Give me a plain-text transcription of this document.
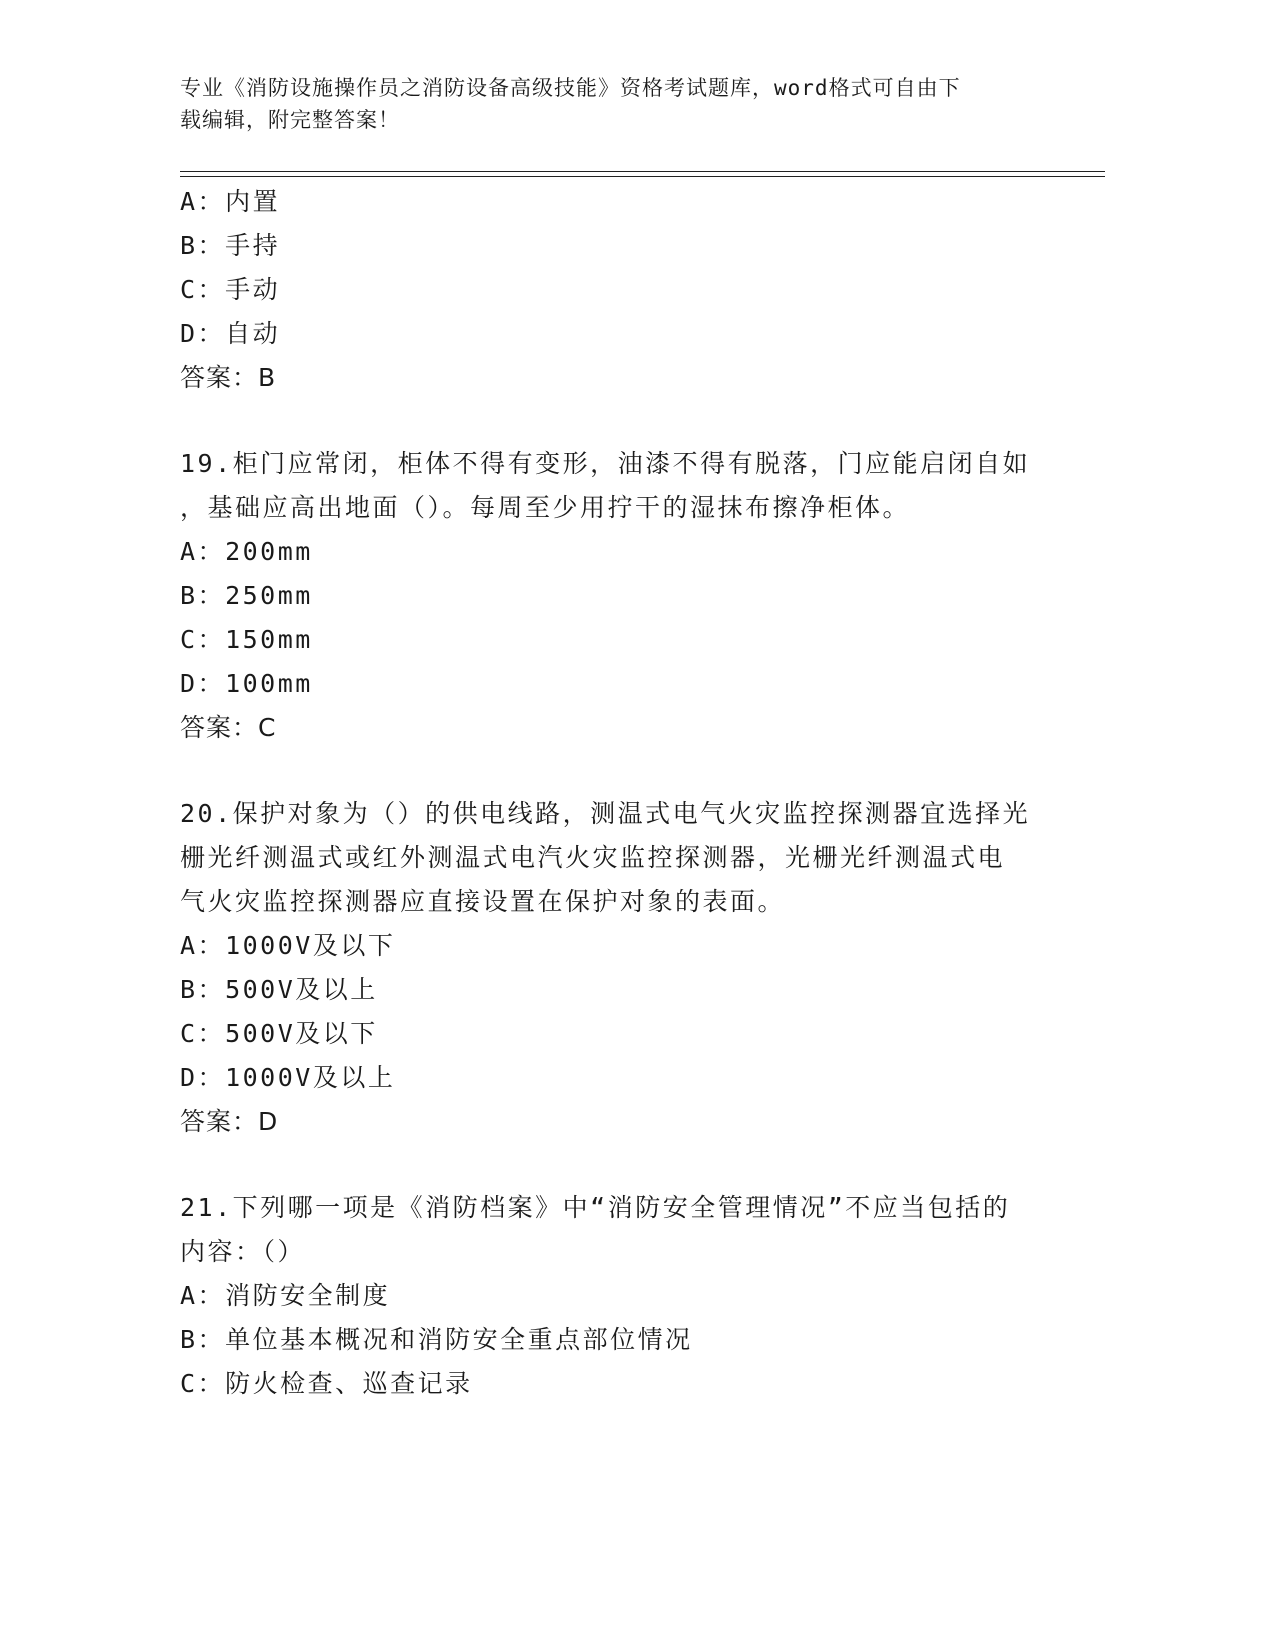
专业《消防设施操作员之消防设备高级技能》资格考试题库，word格式可自由下
载编辑，附完整答案！
A：内置
B：手持
C：手动
D：自动
答案：B
19.柜门应常闭，柜体不得有变形，油漆不得有脱落，门应能启闭自如
，基础应高出地面（）。每周至少用拧干的湿抹布擦净柜体。
A：200mm
B：250mm
C：150mm
D：100mm
答案：C
20.保护对象为（）的供电线路，测温式电气火灾监控探测器宜选择光
栅光纤测温式或红外测温式电汽火灾监控探测器，光栅光纤测温式电
气火灾监控探测器应直接设置在保护对象的表面。
A：1000V及以下
B：500V及以上
C：500V及以下
D：1000V及以上
答案：D
21.下列哪一项是《消防档案》中“消防安全管理情况”不应当包括的
内容：（）
A：消防安全制度
B：单位基本概况和消防安全重点部位情况
C：防火检查、巡查记录
